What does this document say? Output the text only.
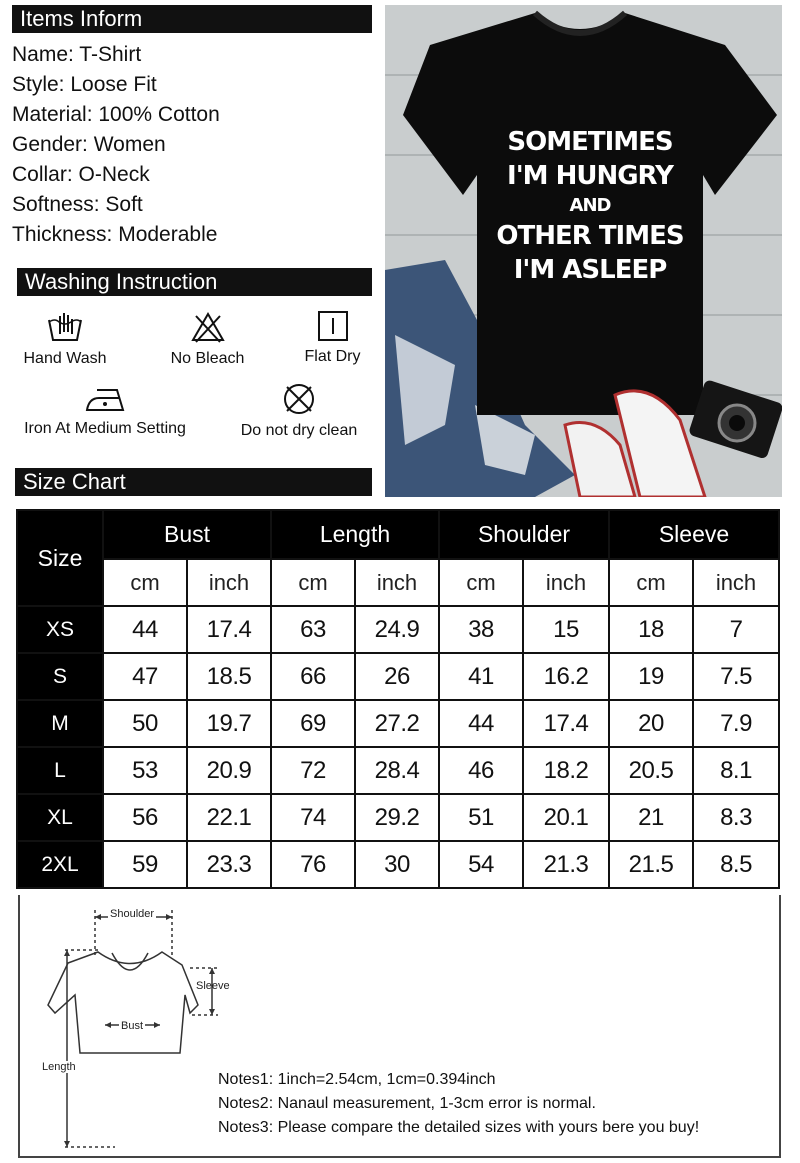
Items Inform
Name: T-Shirt
Style: Loose Fit
Material: 100% Cotton
Gender: Women
Collar: O-Neck
Softness: Soft
Thickness: Moderable
Washing Instruction
Hand Wash	No Bleach	Flat Dry
Iron At Medium Setting	Do not dry clean
Size Chart
SOMETIMES
I'M HUNGRY
AND
OTHER TIMES
I'M ASLEEP
Size	Bust		Length		Shoulder		Sleeve	
	cm	inch	cm	inch	cm	inch	cm	inch
XS	44	17.4	63	24.9	38	15	18	7
S	47	18.5	66	26	41	16.2	19	7.5
M	50	19.7	69	27.2	44	17.4	20	7.9
L	53	20.9	72	28.4	46	18.2	20.5	8.1
XL	56	22.1	74	29.2	51	20.1	21	8.3
2XL	59	23.3	76	30	54	21.3	21.5	8.5
Shoulder
Sleeve
Bust
Length
Notes1: 1inch=2.54cm, 1cm=0.394inch
Notes2: Nanaul measurement, 1-3cm error is normal.
Notes3: Please compare the detailed sizes with yours bere you buy!
